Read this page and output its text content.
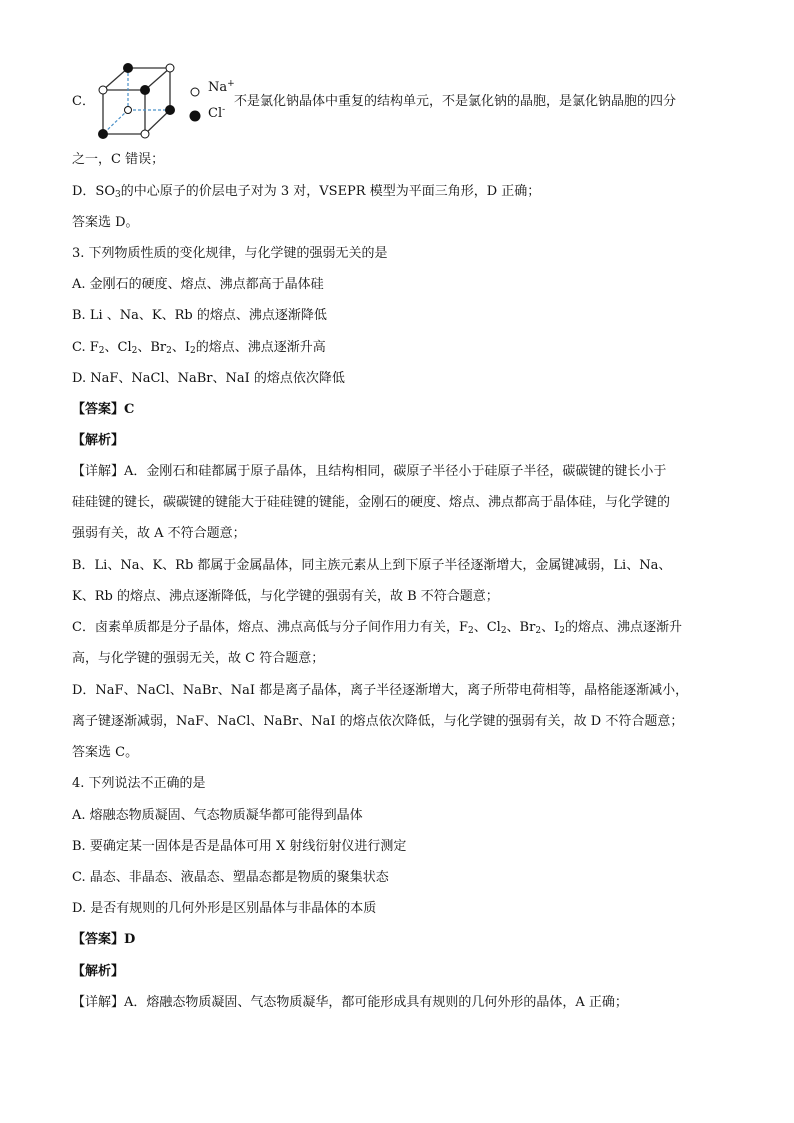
C．
Na+
Cl-
不是氯化钠晶体中重复的结构单元，不是氯化钠的晶胞，是氯化钠晶胞的四分
之一，C 错误；
D．$SO_3$的中心原子的价层电子对为 3 对，VSEPR 模型为平面三角形，D 正确；
答案选 D。
3. 下列物质性质的变化规律，与化学键的强弱无关的是
A. 金刚石的硬度、熔点、沸点都高于晶体硅
B. Li 、Na、K、Rb 的熔点、沸点逐渐降低
C. $F_2$、$Cl_2$、$Br_2$、$I_2$的熔点、沸点逐渐升高
D. NaF、NaCl、NaBr、NaI 的熔点依次降低
【答案】C
【解析】
【详解】A．金刚石和硅都属于原子晶体，且结构相同，碳原子半径小于硅原子半径，碳碳键的键长小于
硅硅键的键长，碳碳键的键能大于硅硅键的键能，金刚石的硬度、熔点、沸点都高于晶体硅，与化学键的
强弱有关，故 A 不符合题意；
B．Li、Na、K、Rb 都属于金属晶体，同主族元素从上到下原子半径逐渐增大，金属键减弱，Li、Na、
K、Rb 的熔点、沸点逐渐降低，与化学键的强弱有关，故 B 不符合题意；
C．卤素单质都是分子晶体，熔点、沸点高低与分子间作用力有关，$F_2$、$Cl_2$、$Br_2$、$I_2$的熔点、沸点逐渐升
高，与化学键的强弱无关，故 C 符合题意；
D．NaF、NaCl、NaBr、NaI 都是离子晶体，离子半径逐渐增大，离子所带电荷相等，晶格能逐渐减小，
离子键逐渐减弱，NaF、NaCl、NaBr、NaI 的熔点依次降低，与化学键的强弱有关，故 D 不符合题意；
答案选 C。
4. 下列说法不正确的是
A. 熔融态物质凝固、气态物质凝华都可能得到晶体
B. 要确定某一固体是否是晶体可用 X 射线衍射仪进行测定
C. 晶态、非晶态、液晶态、塑晶态都是物质的聚集状态
D. 是否有规则的几何外形是区别晶体与非晶体的本质
【答案】D
【解析】
【详解】A．熔融态物质凝固、气态物质凝华，都可能形成具有规则的几何外形的晶体，A 正确；
